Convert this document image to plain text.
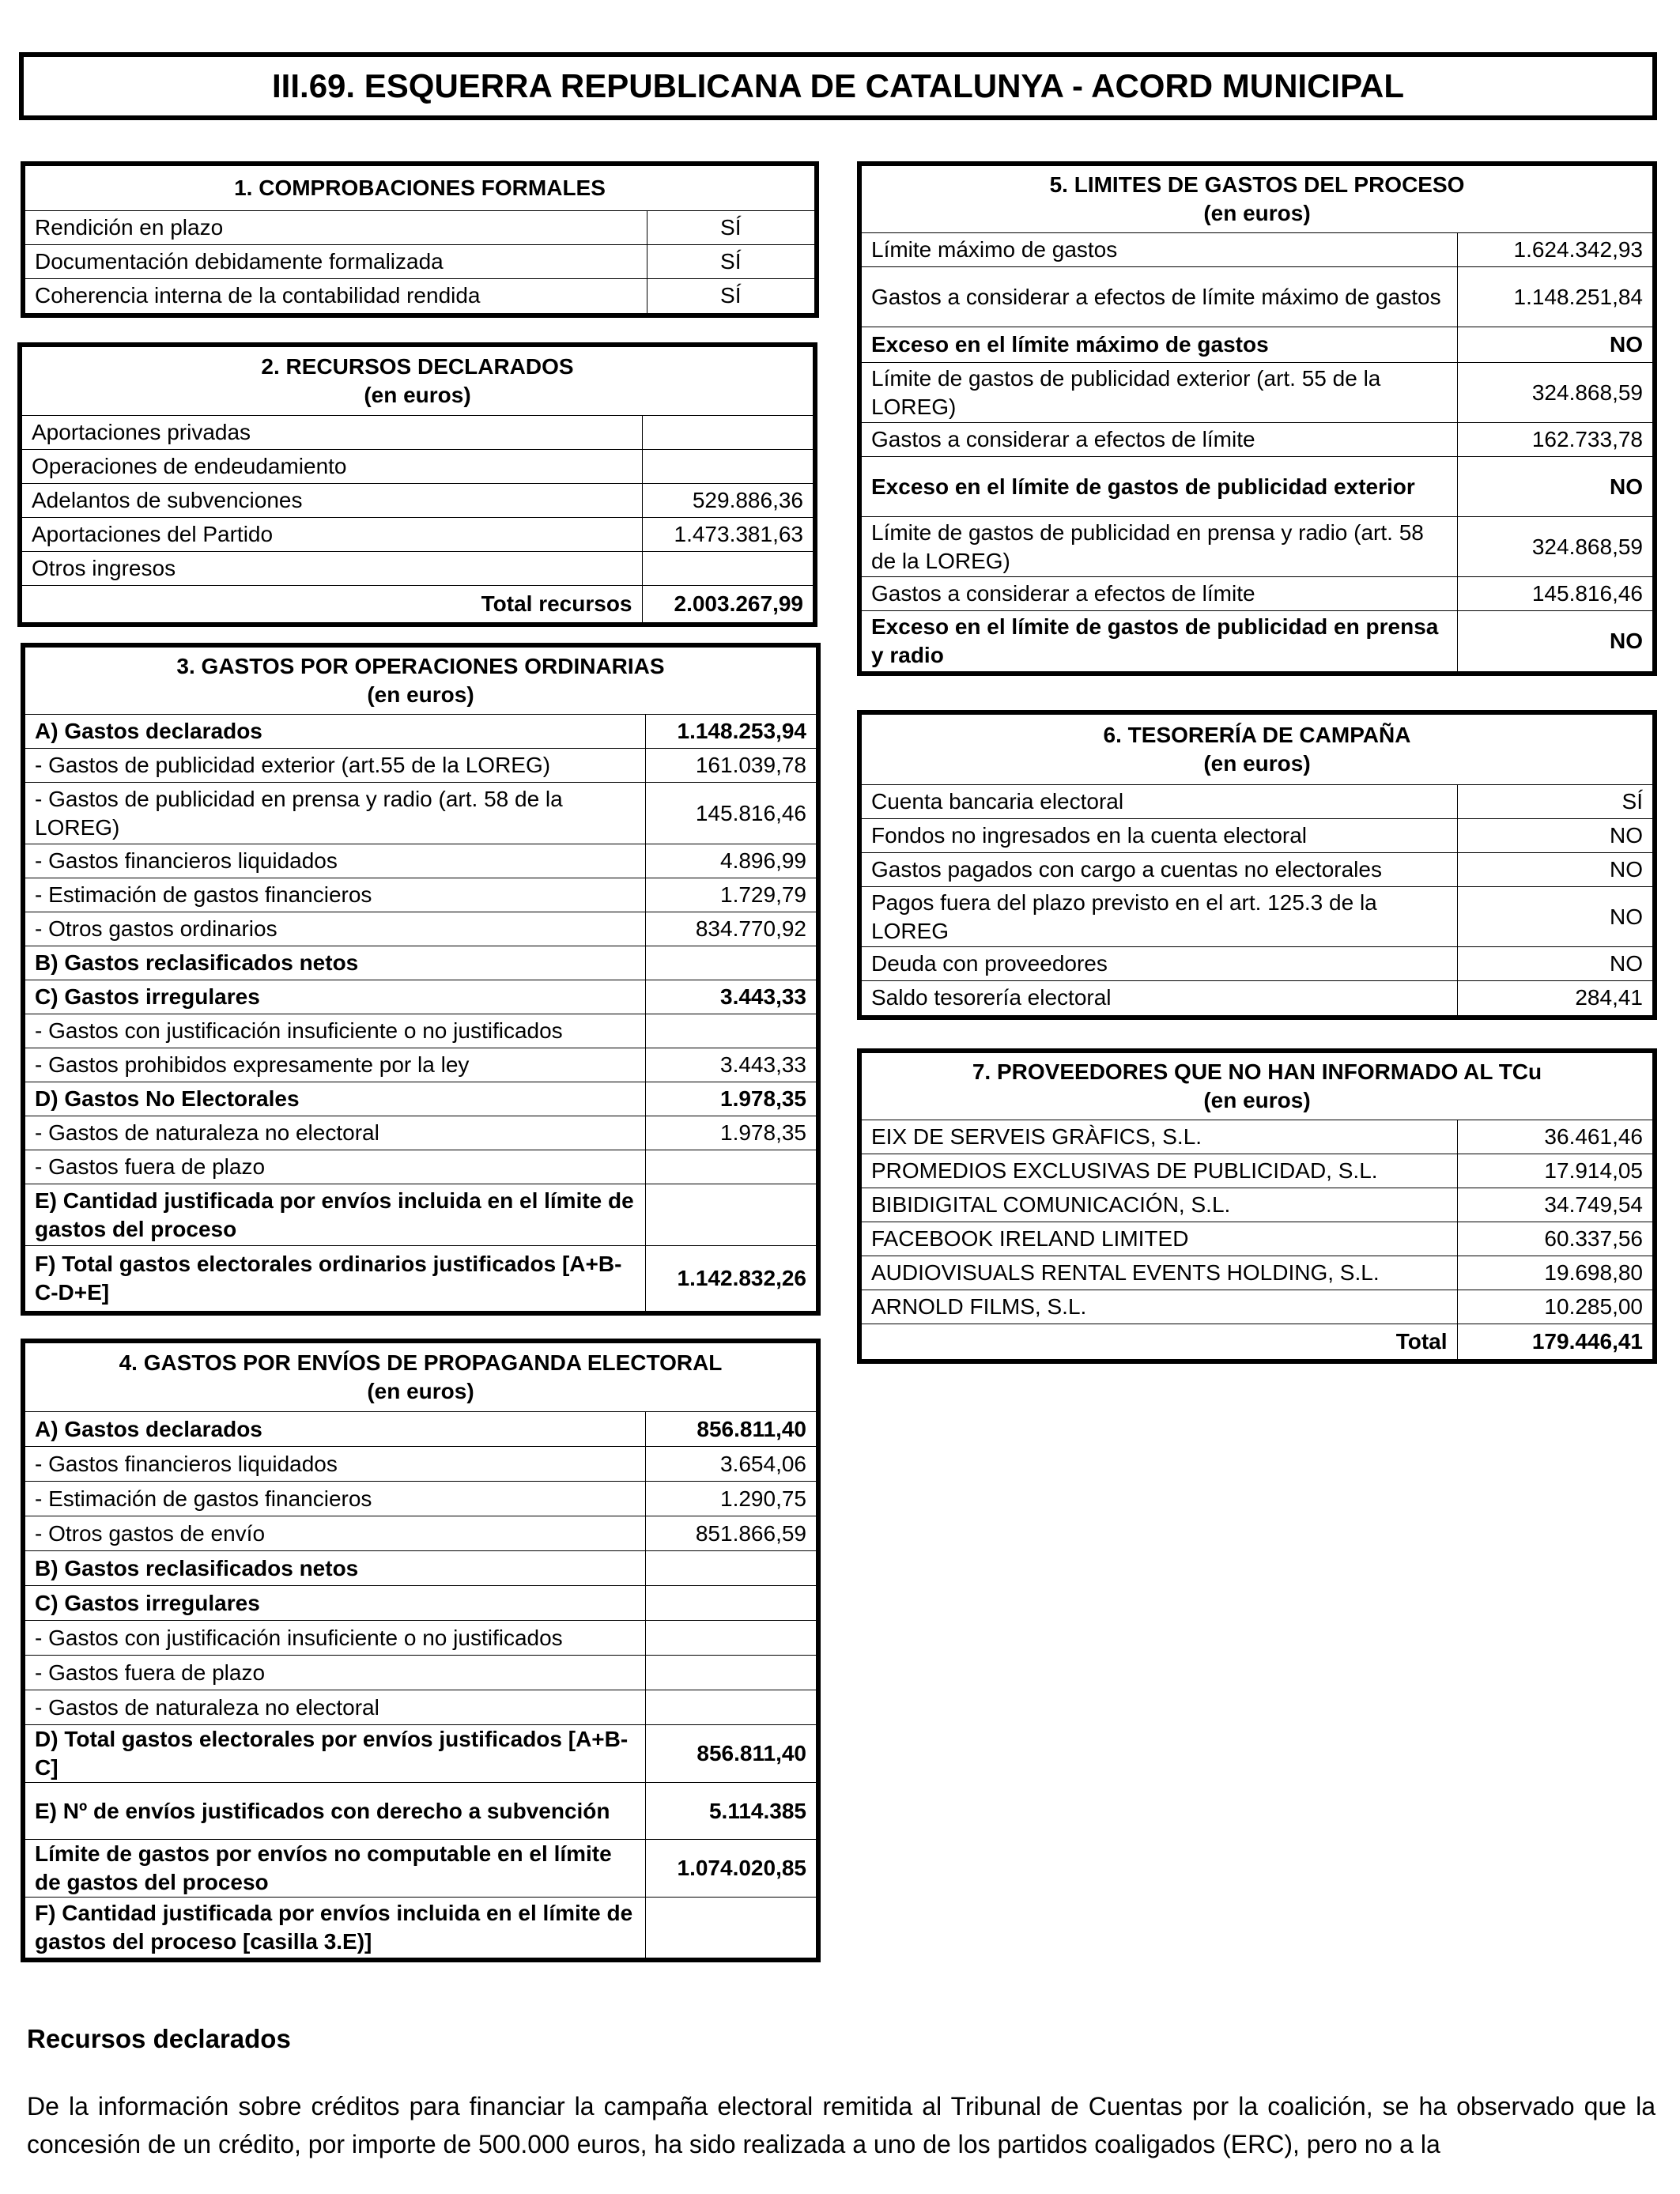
III.69. ESQUERRA REPUBLICANA DE CATALUNYA - ACORD MUNICIPAL
1. COMPROBACIONES FORMALES	
Rendición en plazo	SÍ
Documentación debidamente formalizada	SÍ
Coherencia interna de la contabilidad rendida	SÍ
2. RECURSOS DECLARADOS
(en euros)	

Aportaciones privadas	
Operaciones de endeudamiento	
Adelantos de subvenciones	529.886,36
Aportaciones del Partido	1.473.381,63
Otros ingresos	
Total recursos	2.003.267,99
3. GASTOS POR OPERACIONES ORDINARIAS
(en euros)	

A) Gastos declarados	1.148.253,94
- Gastos de publicidad exterior (art.55 de la LOREG)	161.039,78
- Gastos de publicidad en prensa y radio (art. 58 de la LOREG)	145.816,46
- Gastos financieros liquidados	4.896,99
- Estimación de gastos financieros	1.729,79
- Otros gastos ordinarios	834.770,92
B) Gastos reclasificados netos	
C) Gastos irregulares	3.443,33
- Gastos con justificación insuficiente o no justificados	
- Gastos prohibidos expresamente por la ley	3.443,33
D) Gastos No Electorales	1.978,35
- Gastos de naturaleza no electoral	1.978,35
- Gastos fuera de plazo	
E) Cantidad justificada por envíos incluida en el límite de gastos del proceso	
F) Total gastos electorales ordinarios justificados [A+B-C-D+E]	1.142.832,26
4. GASTOS POR ENVÍOS DE PROPAGANDA ELECTORAL
(en euros)	

A) Gastos declarados	856.811,40
- Gastos financieros liquidados	3.654,06
- Estimación de gastos financieros	1.290,75
- Otros gastos de envío	851.866,59
B) Gastos reclasificados netos	
C) Gastos irregulares	
- Gastos con justificación insuficiente o no justificados	
- Gastos fuera de plazo	
- Gastos de naturaleza no electoral	
D) Total gastos electorales por envíos justificados [A+B-C]	856.811,40
E) Nº de envíos justificados con derecho a subvención	5.114.385
Límite de gastos por envíos no computable en el límite de gastos del proceso	1.074.020,85
F) Cantidad justificada por envíos incluida en el límite de gastos del proceso [casilla 3.E)]	
5. LIMITES DE GASTOS DEL PROCESO
(en euros)	

Límite máximo de gastos	1.624.342,93
Gastos a considerar a efectos de límite máximo de gastos	1.148.251,84
Exceso en el límite máximo de gastos	NO
Límite de gastos de publicidad exterior (art. 55 de la LOREG)	324.868,59
Gastos a considerar a efectos de límite	162.733,78
Exceso en el límite de gastos de publicidad exterior	NO
Límite de gastos de publicidad en prensa y radio (art. 58 de la LOREG)	324.868,59
Gastos a considerar a efectos de límite	145.816,46
Exceso en el límite de gastos de publicidad en prensa y radio	NO
6. TESORERÍA DE CAMPAÑA
(en euros)	

Cuenta bancaria electoral	SÍ
Fondos no ingresados en la cuenta electoral	NO
Gastos pagados con cargo a cuentas no electorales	NO
Pagos fuera del plazo previsto en el art. 125.3 de la LOREG	NO
Deuda con proveedores	NO
Saldo tesorería electoral	284,41
7. PROVEEDORES QUE NO HAN INFORMADO AL TCu
(en euros)	

EIX DE SERVEIS GRÀFICS, S.L.	36.461,46
PROMEDIOS EXCLUSIVAS DE PUBLICIDAD, S.L.	17.914,05
BIBIDIGITAL COMUNICACIÓN, S.L.	34.749,54
FACEBOOK IRELAND LIMITED	60.337,56
AUDIOVISUALS RENTAL EVENTS HOLDING, S.L.	19.698,80
ARNOLD FILMS, S.L.	10.285,00
Total	179.446,41
Recursos declarados
De la información sobre créditos para financiar la campaña electoral remitida al Tribunal de Cuentas por la coalición, se ha observado que la concesión de un crédito, por importe de 500.000 euros, ha sido realizada a uno de los partidos coaligados (ERC), pero no a la
